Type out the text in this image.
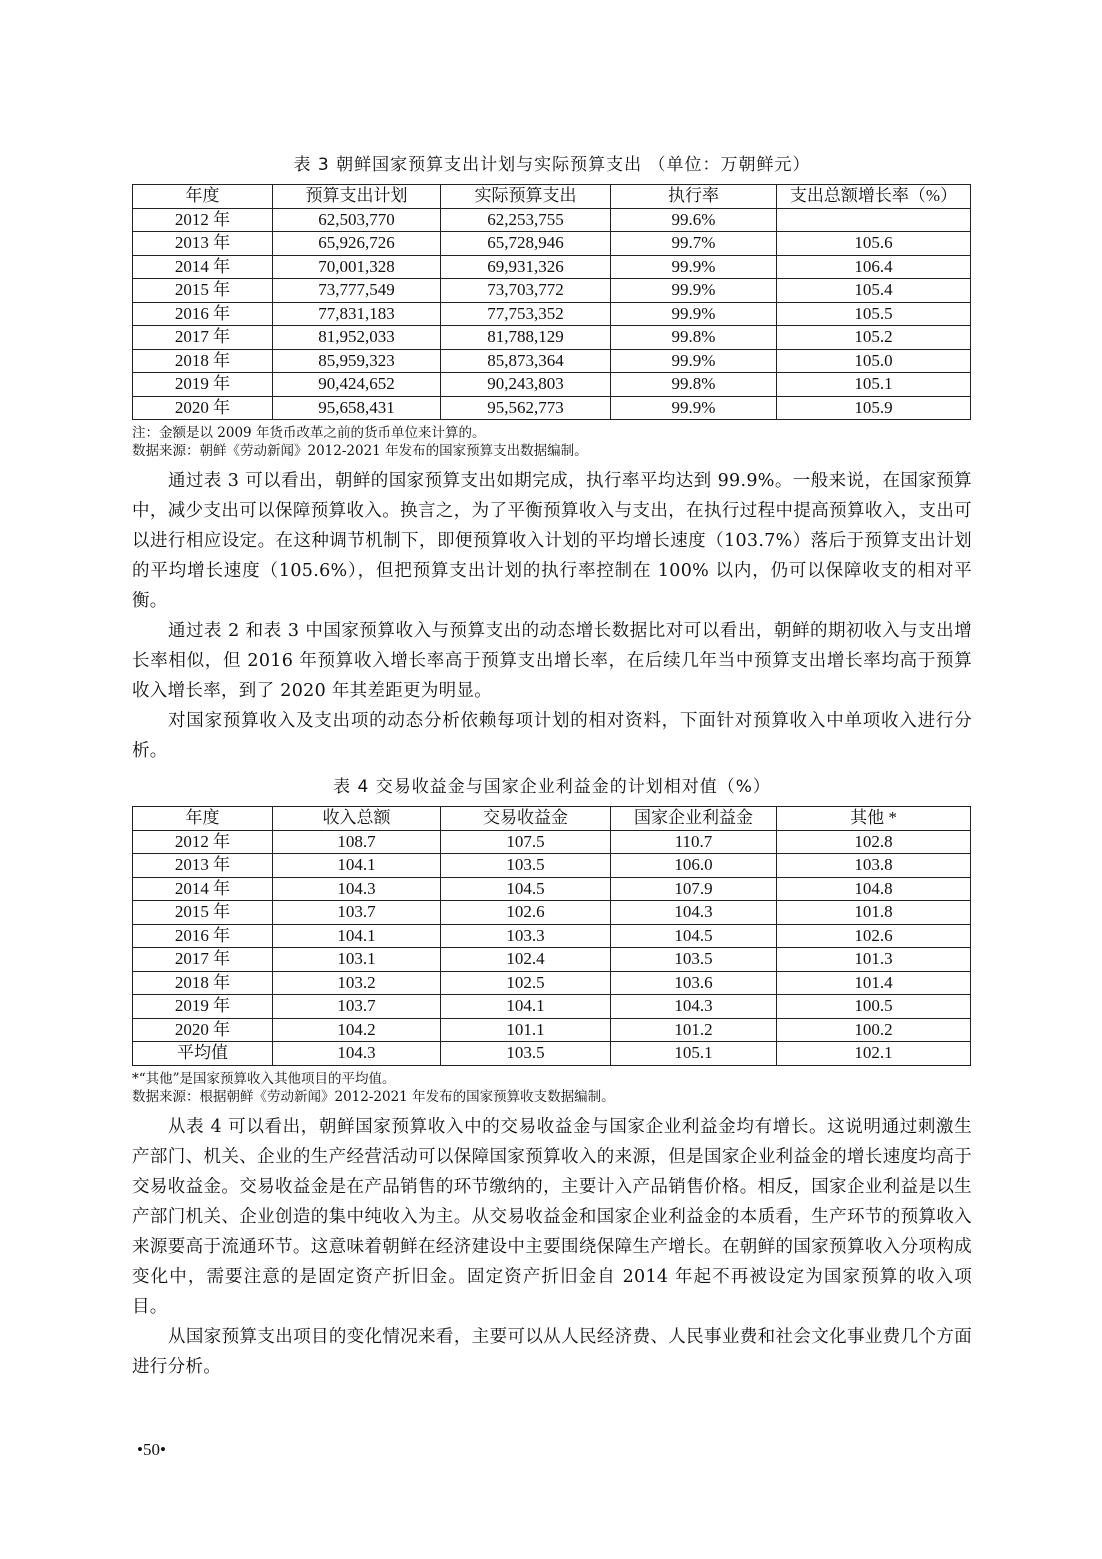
表 3 朝鲜国家预算支出计划与实际预算支出 （单位：万朝鲜元）
年度	预算支出计划	实际预算支出	执行率	支出总额增长率（%）
2012 年	62,503,770	62,253,755	99.6%	
2013 年	65,926,726	65,728,946	99.7%	105.6
2014 年	70,001,328	69,931,326	99.9%	106.4
2015 年	73,777,549	73,703,772	99.9%	105.4
2016 年	77,831,183	77,753,352	99.9%	105.5
2017 年	81,952,033	81,788,129	99.8%	105.2
2018 年	85,959,323	85,873,364	99.9%	105.0
2019 年	90,424,652	90,243,803	99.8%	105.1
2020 年	95,658,431	95,562,773	99.9%	105.9
注：金额是以 2009 年货币改革之前的货币单位来计算的。
数据来源：朝鲜《劳动新闻》2012-2021 年发布的国家预算支出数据编制。

通过表 3 可以看出，朝鲜的国家预算支出如期完成，执行率平均达到 99.9%。一般来说，在国家预算中，减少支出可以保障预算收入。换言之，为了平衡预算收入与支出，在执行过程中提高预算收入，支出可以进行相应设定。在这种调节机制下，即便预算收入计划的平均增长速度（103.7%）落后于预算支出计划的平均增长速度（105.6%），但把预算支出计划的执行率控制在 100% 以内，仍可以保障收支的相对平衡。

通过表 2 和表 3 中国家预算收入与预算支出的动态增长数据比对可以看出，朝鲜的期初收入与支出增长率相似，但 2016 年预算收入增长率高于预算支出增长率，在后续几年当中预算支出增长率均高于预算收入增长率，到了 2020 年其差距更为明显。

对国家预算收入及支出项的动态分析依赖每项计划的相对资料，下面针对预算收入中单项收入进行分析。

表 4 交易收益金与国家企业利益金的计划相对值（%）
年度	收入总额	交易收益金	国家企业利益金	其他 *
2012 年	108.7	107.5	110.7	102.8
2013 年	104.1	103.5	106.0	103.8
2014 年	104.3	104.5	107.9	104.8
2015 年	103.7	102.6	104.3	101.8
2016 年	104.1	103.3	104.5	102.6
2017 年	103.1	102.4	103.5	101.3
2018 年	103.2	102.5	103.6	101.4
2019 年	103.7	104.1	104.3	100.5
2020 年	104.2	101.1	101.2	100.2
平均值	104.3	103.5	105.1	102.1
*“其他”是国家预算收入其他项目的平均值。
数据来源：根据朝鲜《劳动新闻》2012-2021 年发布的国家预算收支数据编制。

从表 4 可以看出，朝鲜国家预算收入中的交易收益金与国家企业利益金均有增长。这说明通过刺激生产部门、机关、企业的生产经营活动可以保障国家预算收入的来源，但是国家企业利益金的增长速度均高于交易收益金。交易收益金是在产品销售的环节缴纳的，主要计入产品销售价格。相反，国家企业利益是以生产部门机关、企业创造的集中纯收入为主。从交易收益金和国家企业利益金的本质看，生产环节的预算收入来源要高于流通环节。这意味着朝鲜在经济建设中主要围绕保障生产增长。在朝鲜的国家预算收入分项构成变化中，需要注意的是固定资产折旧金。固定资产折旧金自 2014 年起不再被设定为国家预算的收入项目。

从国家预算支出项目的变化情况来看，主要可以从人民经济费、人民事业费和社会文化事业费几个方面进行分析。

•50•
